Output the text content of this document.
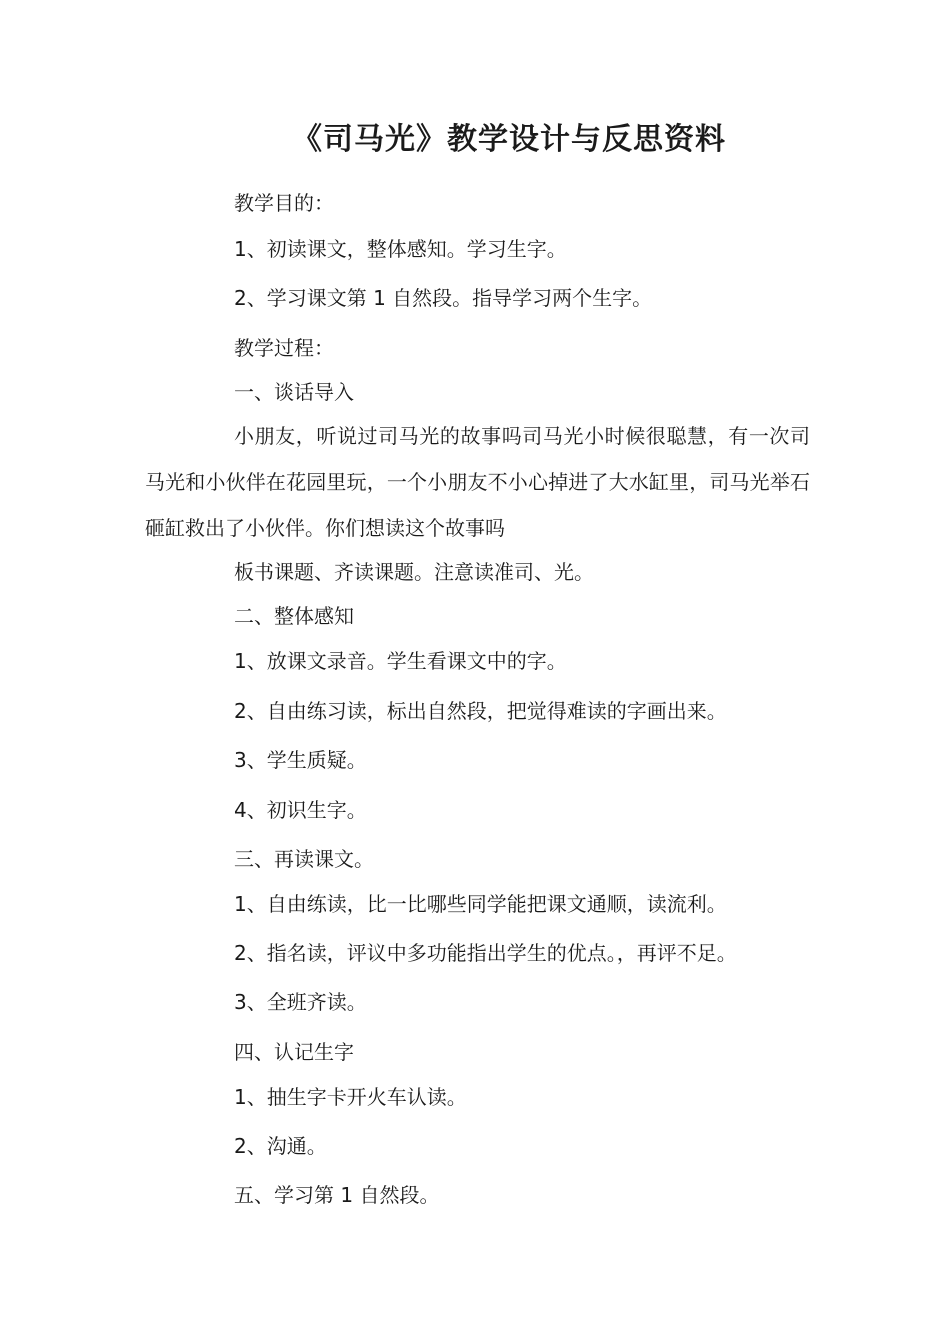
《司马光》教学设计与反思资料
教学目的：
1、初读课文，整体感知。学习生字。
2、学习课文第 1 自然段。指导学习两个生字。
教学过程：
一、谈话导入
小朋友，听说过司马光的故事吗司马光小时候很聪慧，有一次司马光和小伙伴在花园里玩，一个小朋友不小心掉进了大水缸里，司马光举石砸缸救出了小伙伴。你们想读这个故事吗
板书课题、齐读课题。注意读准司、光。
二、整体感知
1、放课文录音。学生看课文中的字。
2、自由练习读，标出自然段，把觉得难读的字画出来。
3、学生质疑。
4、初识生字。
三、再读课文。
1、自由练读，比一比哪些同学能把课文通顺，读流利。
2、指名读，评议中多功能指出学生的优点。，再评不足。
3、全班齐读。
四、认记生字
1、抽生字卡开火车认读。
2、沟通。
五、学习第 1 自然段。
